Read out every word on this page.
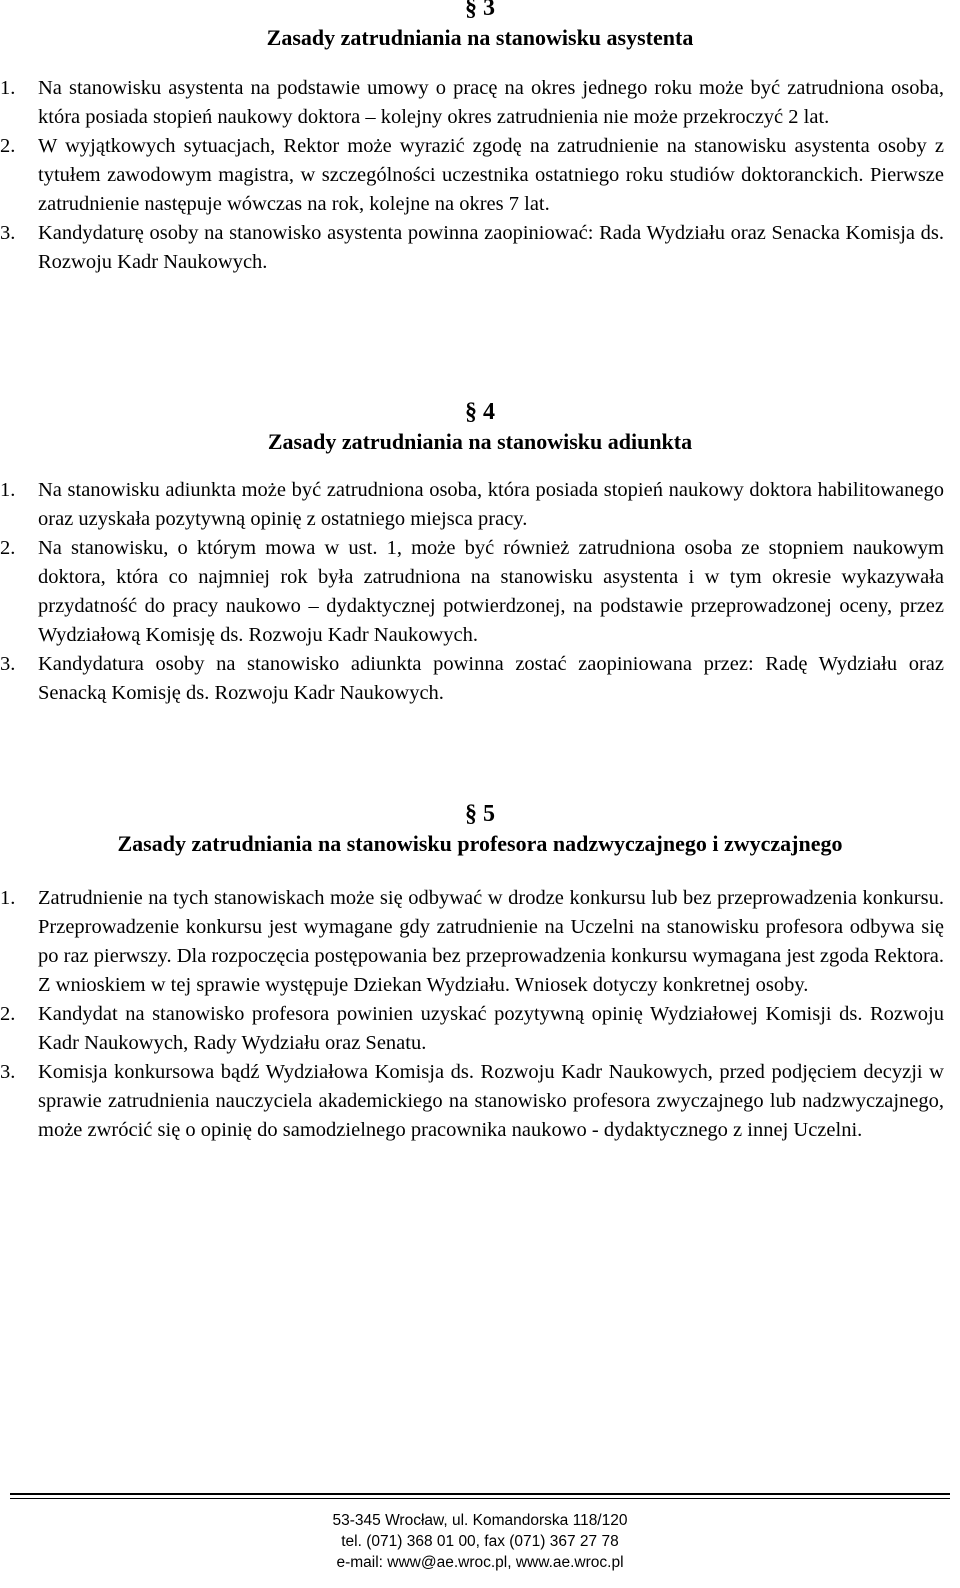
§ 3
Zasady zatrudniania na stanowisku asystenta
1. Na stanowisku asystenta na podstawie umowy o pracę na okres jednego roku może być zatrudniona osoba, która posiada stopień naukowy doktora – kolejny okres zatrudnienia nie może przekroczyć 2 lat.
2. W wyjątkowych sytuacjach, Rektor może wyrazić zgodę na zatrudnienie na stanowisku asystenta osoby z tytułem zawodowym magistra, w szczególności uczestnika ostatniego roku studiów doktoranckich. Pierwsze zatrudnienie następuje wówczas na rok, kolejne na okres 7 lat.
3. Kandydaturę osoby na stanowisko asystenta powinna zaopiniować: Rada Wydziału oraz Senacka Komisja ds. Rozwoju Kadr Naukowych.
§ 4
Zasady zatrudniania na stanowisku adiunkta
1. Na stanowisku adiunkta może być zatrudniona osoba, która posiada stopień naukowy doktora habilitowanego oraz uzyskała pozytywną opinię z ostatniego miejsca pracy.
2. Na stanowisku, o którym mowa w ust. 1, może być również zatrudniona osoba ze stopniem naukowym doktora, która co najmniej rok była zatrudniona na stanowisku asystenta i w tym okresie wykazywała przydatność do pracy naukowo – dydaktycznej potwierdzonej, na podstawie przeprowadzonej oceny, przez Wydziałową Komisję ds. Rozwoju Kadr Naukowych.
3. Kandydatura osoby na stanowisko adiunkta powinna zostać zaopiniowana przez: Radę Wydziału oraz Senacką Komisję ds. Rozwoju Kadr Naukowych.
§ 5
Zasady zatrudniania na stanowisku profesora nadzwyczajnego i zwyczajnego
1. Zatrudnienie na tych stanowiskach może się odbywać w drodze konkursu lub bez przeprowadzenia konkursu. Przeprowadzenie konkursu jest wymagane gdy zatrudnienie na Uczelni na stanowisku profesora odbywa się po raz pierwszy. Dla rozpoczęcia postępowania bez przeprowadzenia konkursu wymagana jest zgoda Rektora. Z wnioskiem w tej sprawie występuje Dziekan Wydziału. Wniosek dotyczy konkretnej osoby.
2. Kandydat na stanowisko profesora powinien uzyskać pozytywną opinię Wydziałowej Komisji ds. Rozwoju Kadr Naukowych, Rady Wydziału oraz Senatu.
3. Komisja konkursowa bądź Wydziałowa Komisja ds. Rozwoju Kadr Naukowych, przed podjęciem decyzji w sprawie zatrudnienia nauczyciela akademickiego na stanowisko profesora zwyczajnego lub nadzwyczajnego, może zwrócić się o opinię do samodzielnego pracownika naukowo - dydaktycznego z innej Uczelni.
53-345 Wrocław, ul. Komandorska 118/120
tel. (071) 368 01 00, fax (071) 367 27 78
e-mail: www@ae.wroc.pl, www.ae.wroc.pl
